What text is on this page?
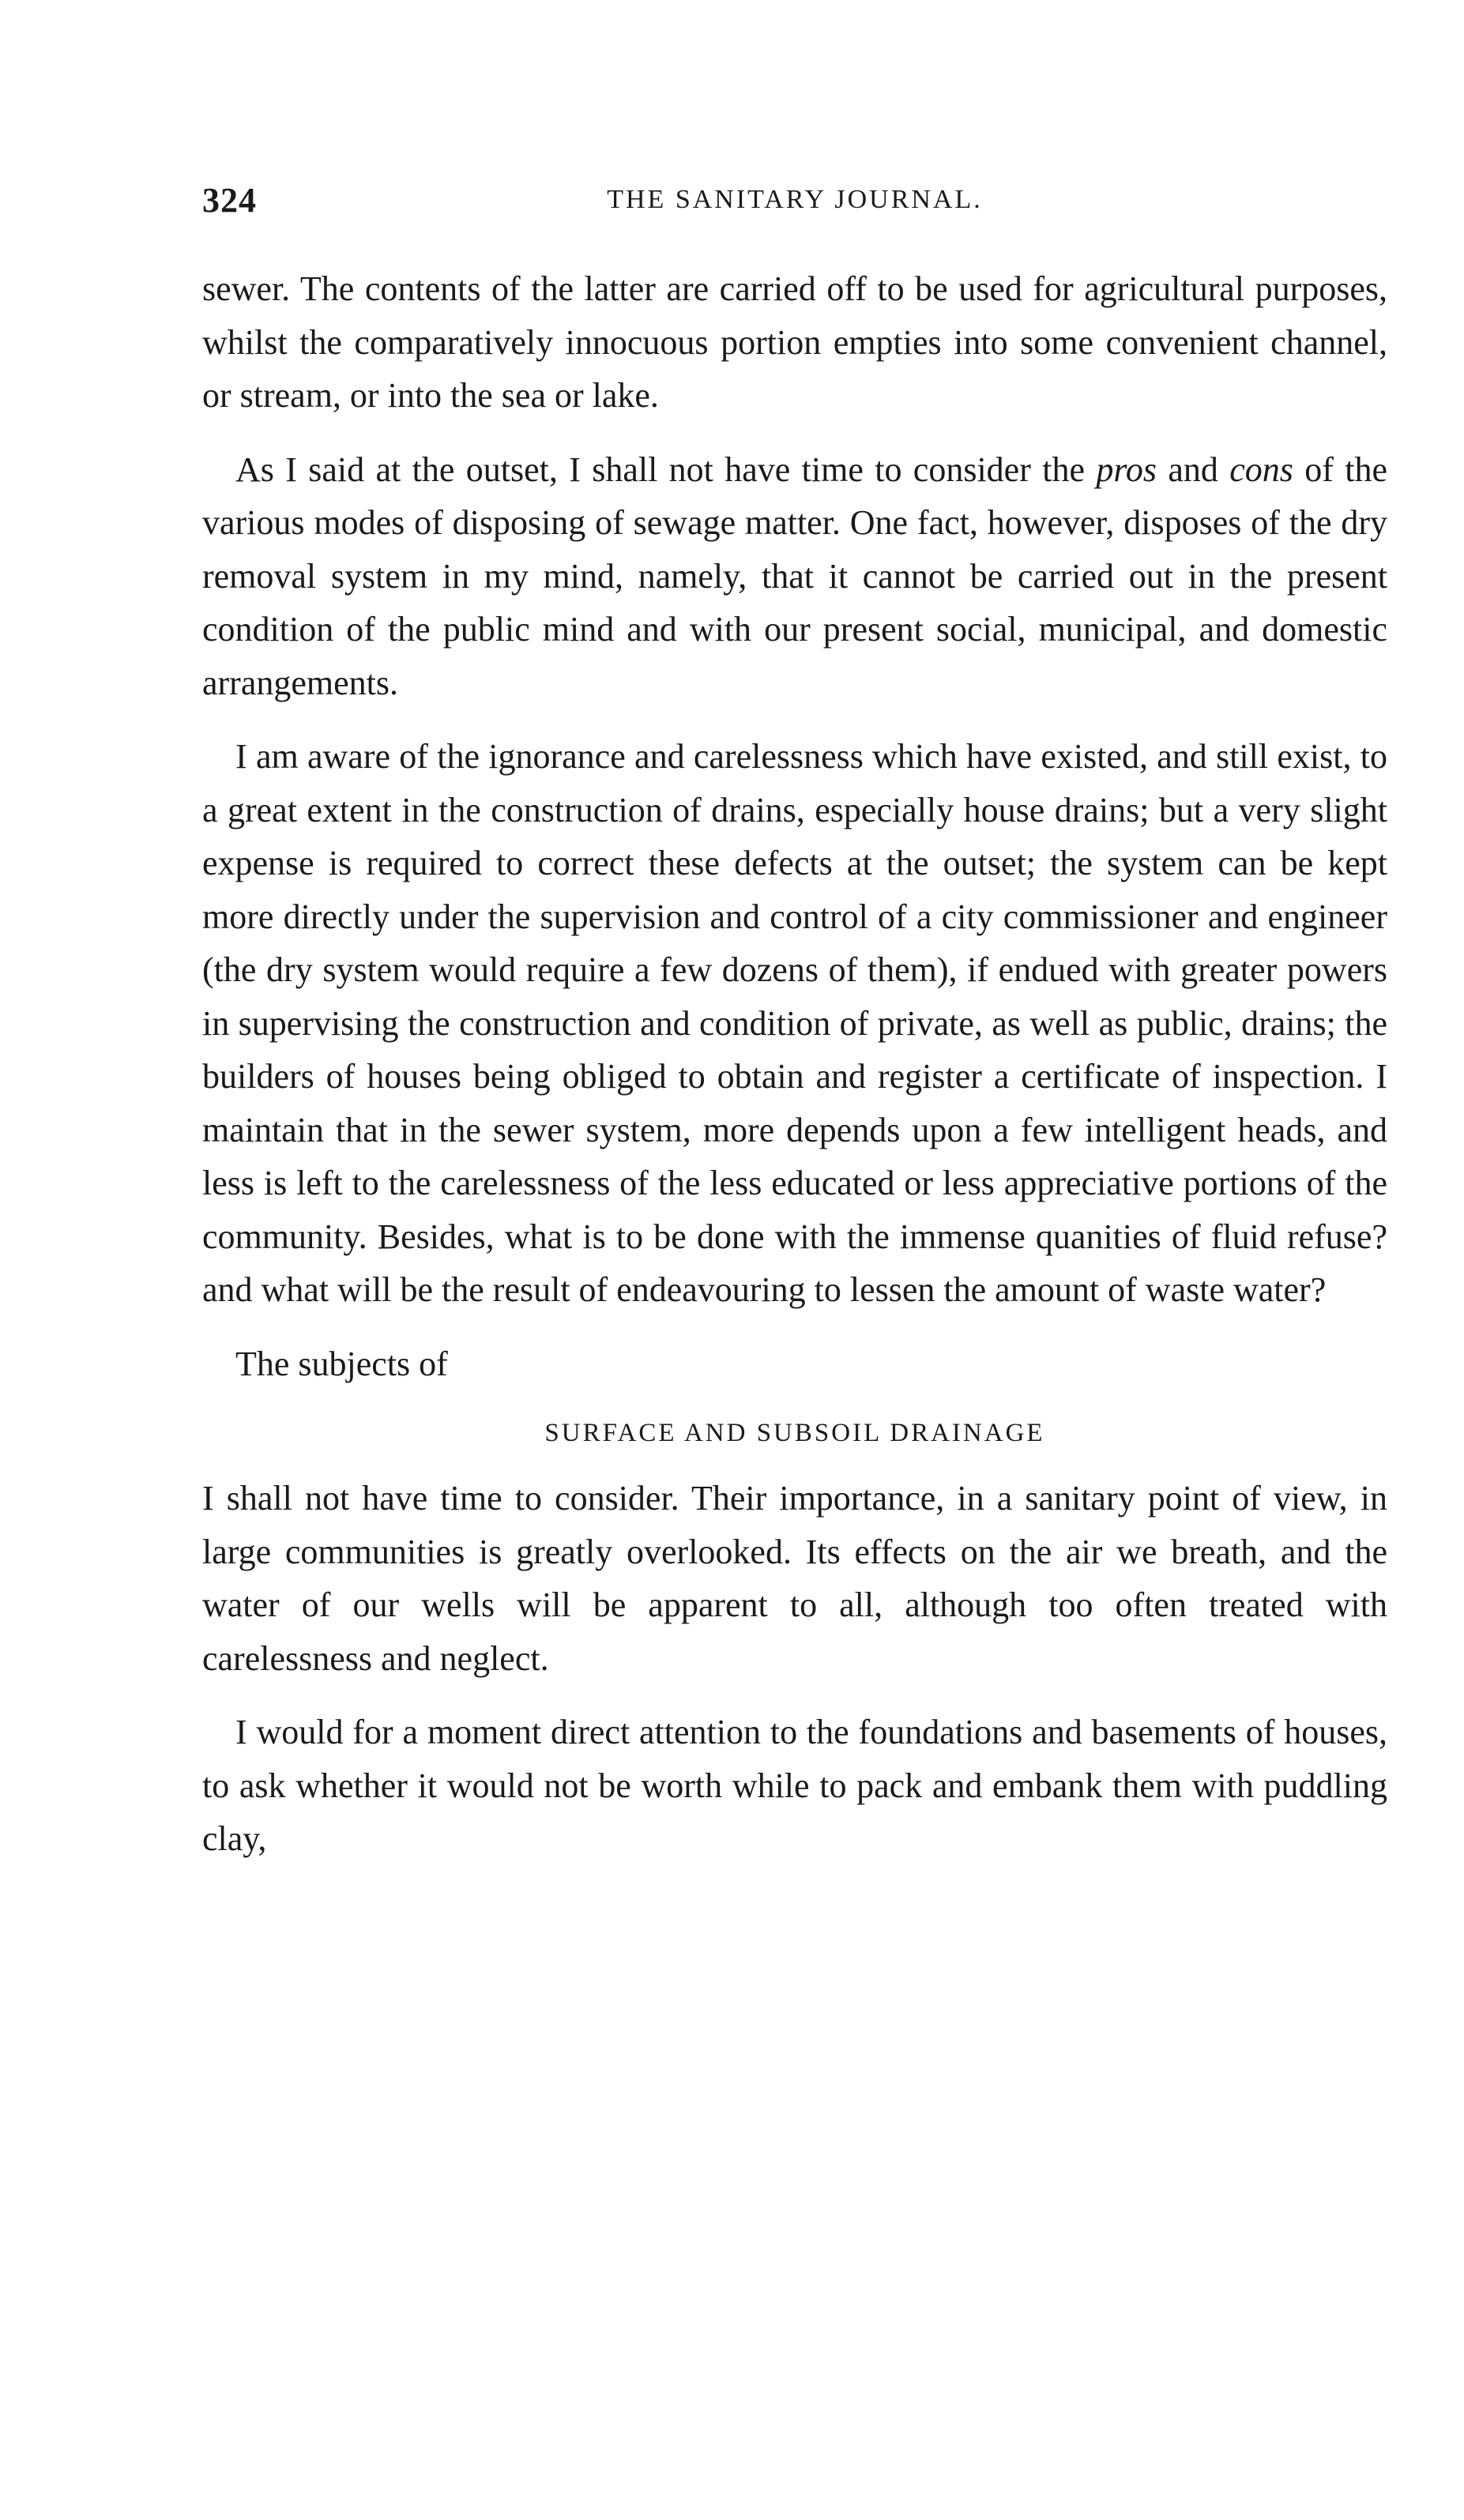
324	THE SANITARY JOURNAL.

sewer. The contents of the latter are carried off to be used for agricultural purposes, whilst the comparatively innocuous portion empties into some convenient channel, or stream, or into the sea or lake.

As I said at the outset, I shall not have time to consider the pros and cons of the various modes of disposing of sewage matter. One fact, however, disposes of the dry removal system in my mind, namely, that it cannot be carried out in the present condition of the public mind and with our present social, municipal, and domestic arrangements.

I am aware of the ignorance and carelessness which have existed, and still exist, to a great extent in the construction of drains, especially house drains; but a very slight expense is required to correct these defects at the outset; the system can be kept more directly under the supervision and control of a city commissioner and engineer (the dry system would require a few dozens of them), if endued with greater powers in supervising the construction and condition of private, as well as public, drains; the builders of houses being obliged to obtain and register a certificate of inspection. I maintain that in the sewer system, more depends upon a few intelligent heads, and less is left to the carelessness of the less educated or less appreciative portions of the community. Besides, what is to be done with the immense quanities of fluid refuse? and what will be the result of endeavouring to lessen the amount of waste water?

The subjects of

SURFACE AND SUBSOIL DRAINAGE

I shall not have time to consider. Their importance, in a sanitary point of view, in large communities is greatly overlooked. Its effects on the air we breath, and the water of our wells will be apparent to all, although too often treated with carelessness and neglect.

I would for a moment direct attention to the foundations and basements of houses, to ask whether it would not be worth while to pack and embank them with puddling clay,
